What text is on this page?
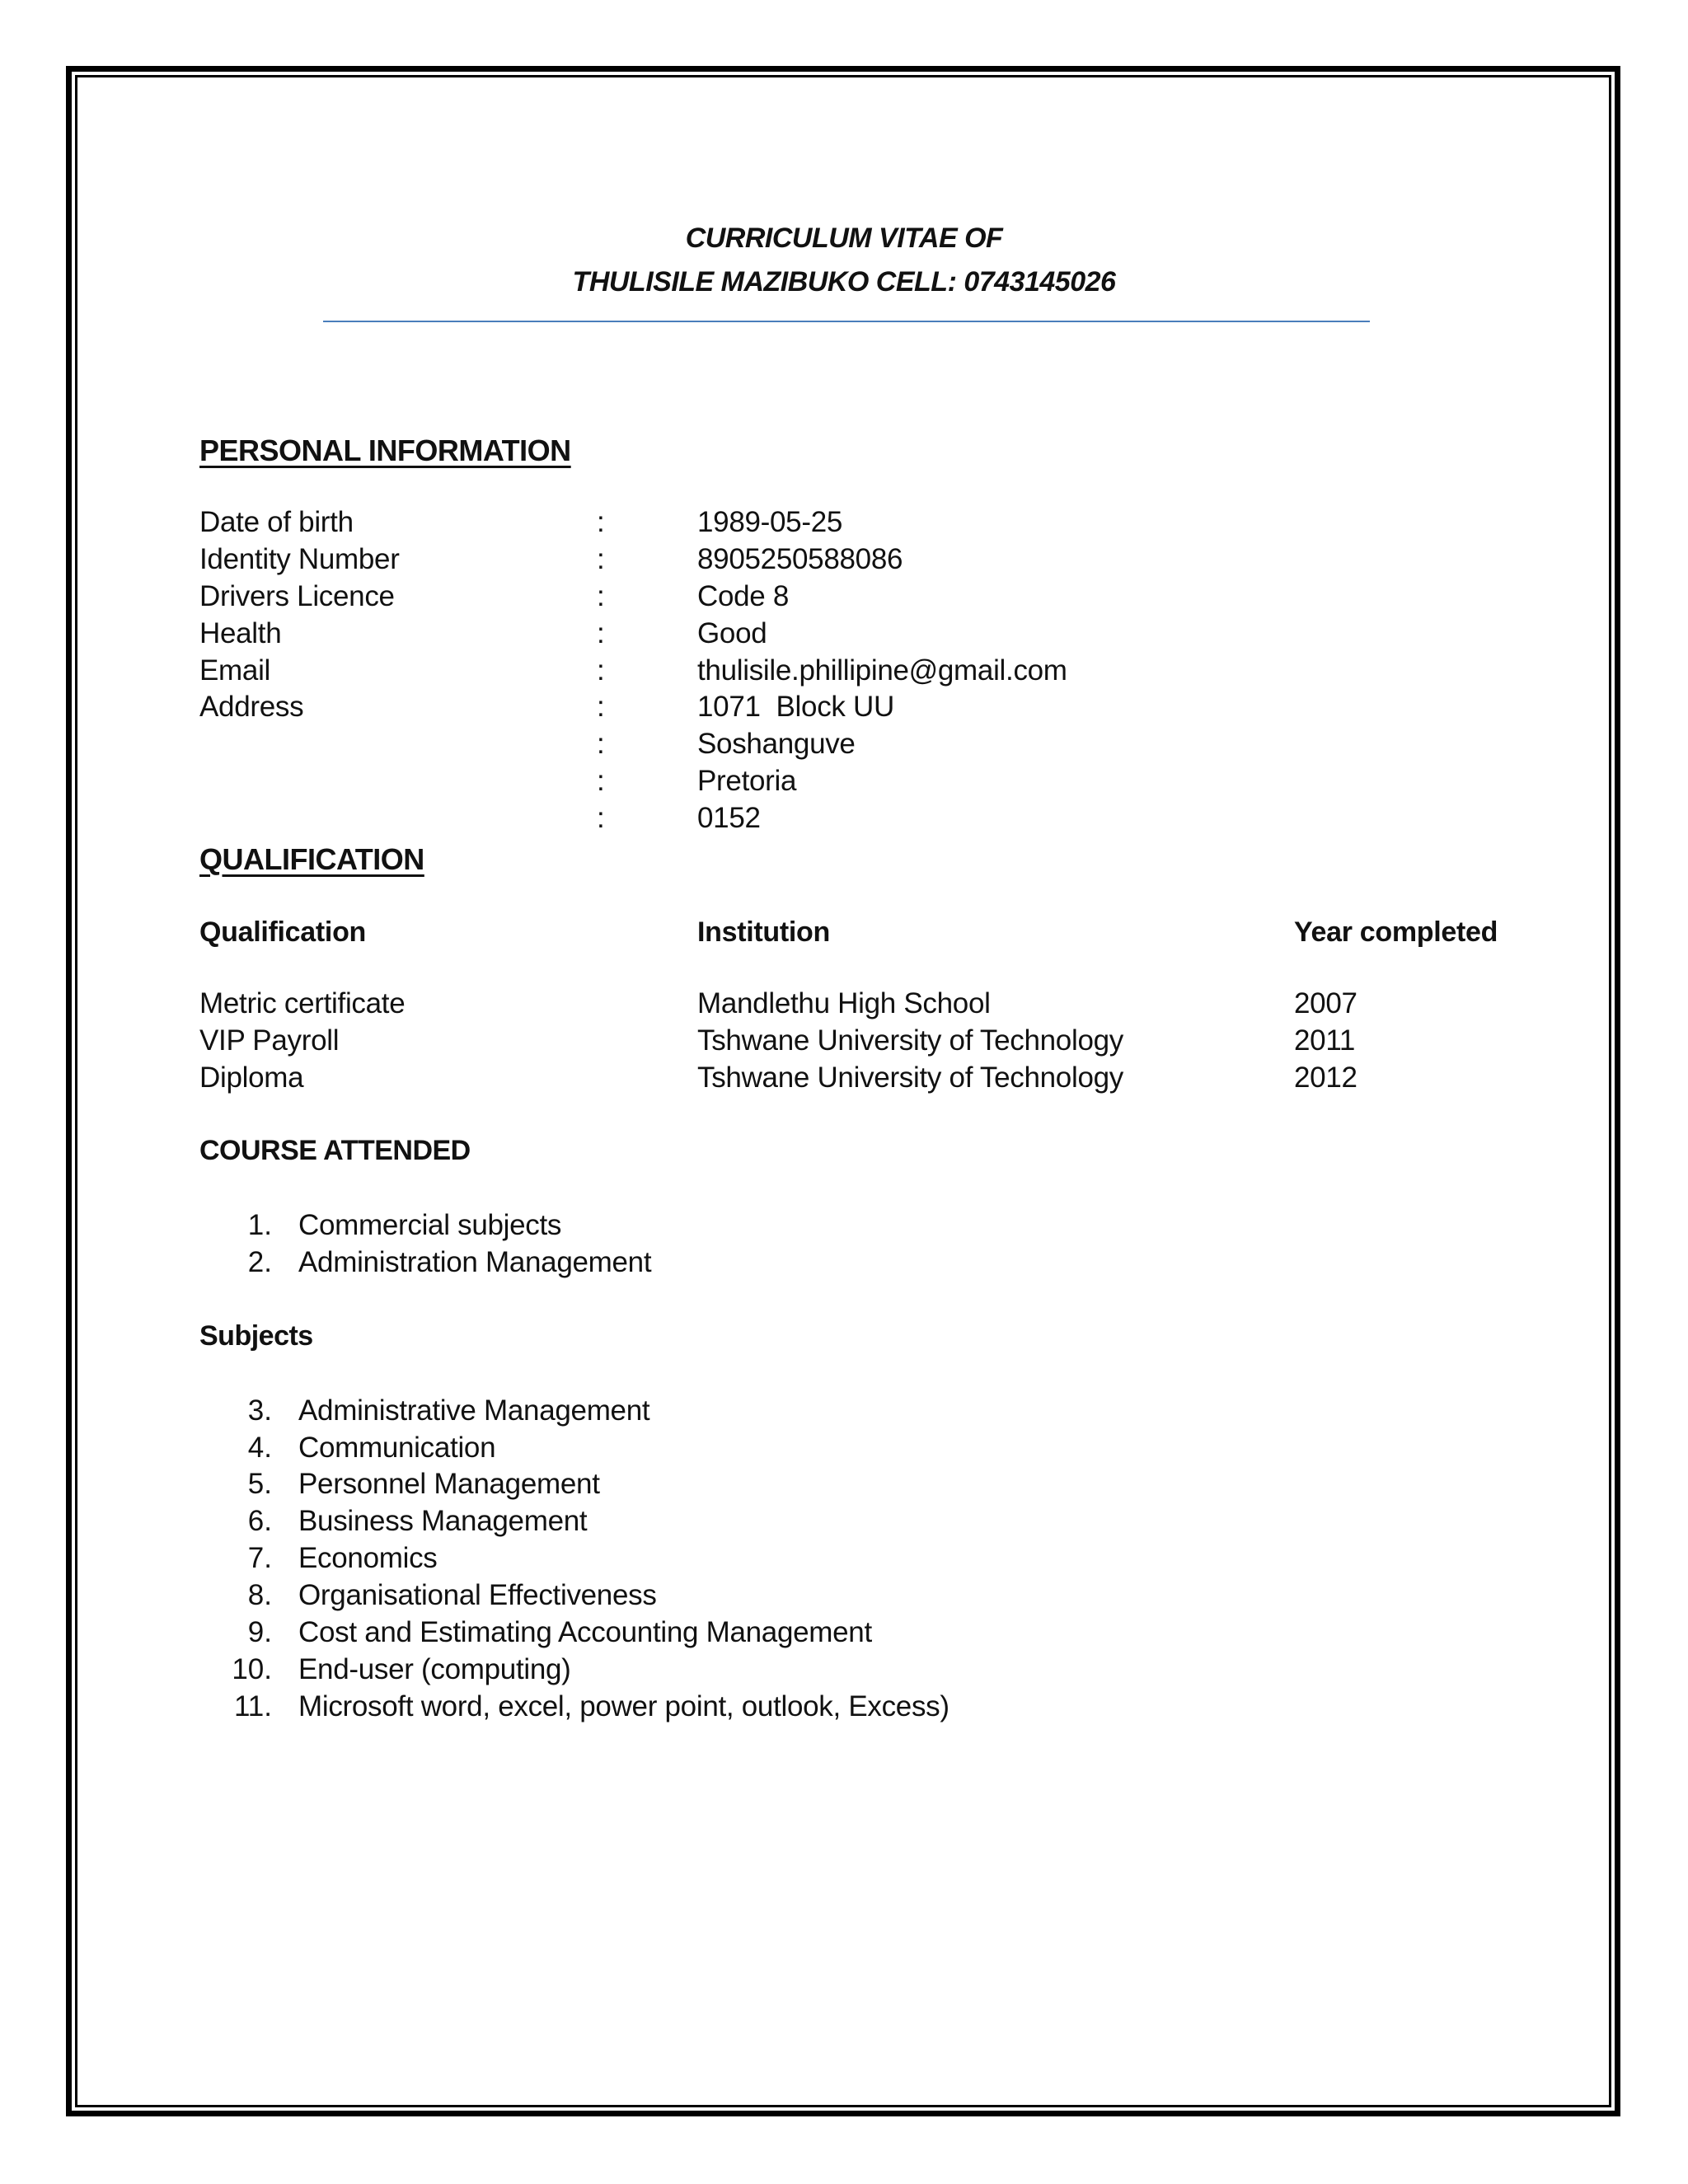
CURRICULUM VITAE OF
THULISILE MAZIBUKO CELL: 0743145026
PERSONAL INFORMATION
Date of birth	:	1989-05-25
Identity Number	:	8905250588086
Drivers Licence	:	Code 8
Health	:	Good
Email	:	thulisile.phillipine@gmail.com
Address	:	1071  Block UU
:	Soshanguve
:	Pretoria
:	0152
QUALIFICATION
Qualification	Institution	Year completed
Metric certificate	Mandlethu High School	2007
VIP Payroll	Tshwane University of Technology	2011
Diploma	Tshwane University of Technology	2012
COURSE ATTENDED
1. Commercial subjects
2. Administration Management
Subjects
3. Administrative Management
4. Communication
5. Personnel Management
6. Business Management
7. Economics
8. Organisational Effectiveness
9. Cost and Estimating Accounting Management
10. End-user (computing)
11. Microsoft word, excel, power point, outlook, Excess)
